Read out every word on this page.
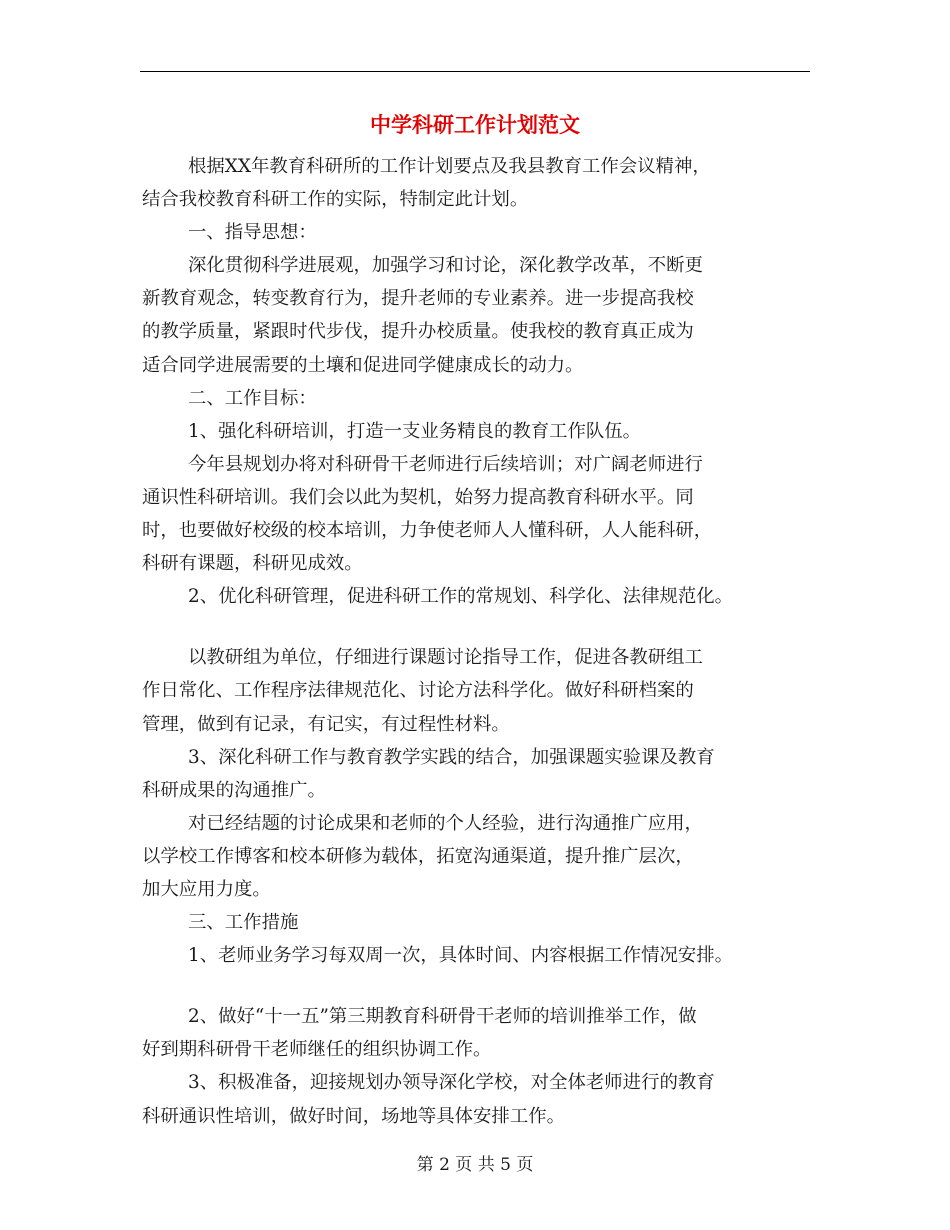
中学科研工作计划范文

根据XX年教育科研所的工作计划要点及我县教育工作会议精神，

结合我校教育科研工作的实际，特制定此计划。

一、指导思想：

深化贯彻科学进展观，加强学习和讨论，深化教学改革，不断更

新教育观念，转变教育行为，提升老师的专业素养。进一步提高我校

的教学质量，紧跟时代步伐，提升办校质量。使我校的教育真正成为

适合同学进展需要的土壤和促进同学健康成长的动力。

二、工作目标：

1、强化科研培训，打造一支业务精良的教育工作队伍。

今年县规划办将对科研骨干老师进行后续培训；对广阔老师进行

通识性科研培训。我们会以此为契机，始努力提高教育科研水平。同

时，也要做好校级的校本培训，力争使老师人人懂科研，人人能科研，

科研有课题，科研见成效。

2、优化科研管理，促进科研工作的常规划、科学化、法律规范化。

以教研组为单位，仔细进行课题讨论指导工作，促进各教研组工

作日常化、工作程序法律规范化、讨论方法科学化。做好科研档案的

管理，做到有记录，有记实，有过程性材料。

3、深化科研工作与教育教学实践的结合，加强课题实验课及教育

科研成果的沟通推广。

对已经结题的讨论成果和老师的个人经验，进行沟通推广应用，

以学校工作博客和校本研修为载体，拓宽沟通渠道，提升推广层次，

加大应用力度。

三、工作措施

1、老师业务学习每双周一次，具体时间、内容根据工作情况安排。

2、做好“十一五”第三期教育科研骨干老师的培训推举工作，做

好到期科研骨干老师继任的组织协调工作。

3、积极准备，迎接规划办领导深化学校，对全体老师进行的教育

科研通识性培训，做好时间，场地等具体安排工作。

第 2 页 共 5 页
